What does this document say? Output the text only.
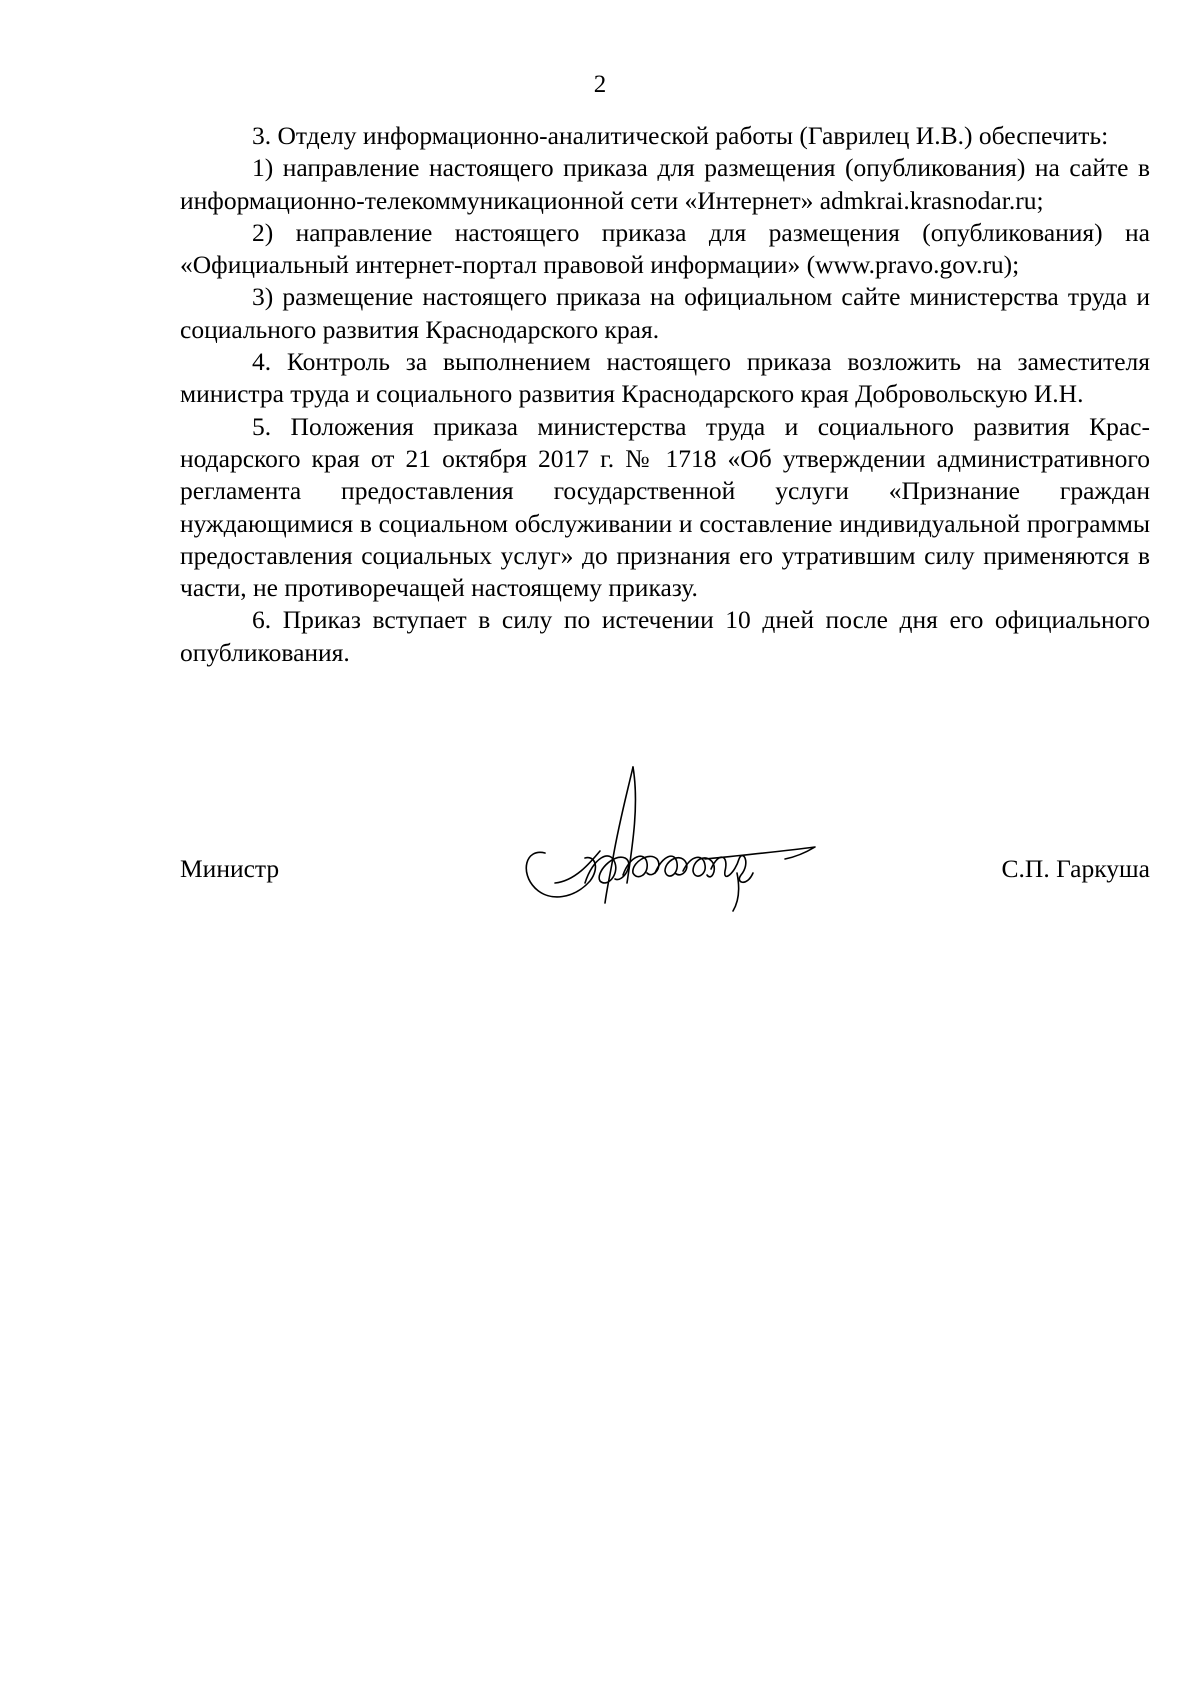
2

3. Отделу информационно-аналитической работы (Гаврилец И.В.) обеспечить:

1) направление настоящего приказа для размещения (опубликования) на сайте в информационно-телекоммуникационной сети «Интернет» admkrai.krasnodar.ru;

2) направление настоящего приказа для размещения (опубликования) на «Официальный интернет-портал правовой информации» (www.pravo.gov.ru);

3) размещение настоящего приказа на официальном сайте министерства труда и социального развития Краснодарского края.

4. Контроль за выполнением настоящего приказа возложить на заместителя министра труда и социального развития Краснодарского края Добровольскую И.Н.

5. Положения приказа министерства труда и социального развития Краснодарского края от 21 октября 2017 г. № 1718 «Об утверждении административного регламента предоставления государственной услуги «Признание граждан нуждающимися в социальном обслуживании и составление индивидуальной программы предоставления социальных услуг» до признания его утратившим силу применяются в части, не противоречащей настоящему приказу.

6. Приказ вступает в силу по истечении 10 дней после дня его официального опубликования.

Министр	С.П. Гаркуша
